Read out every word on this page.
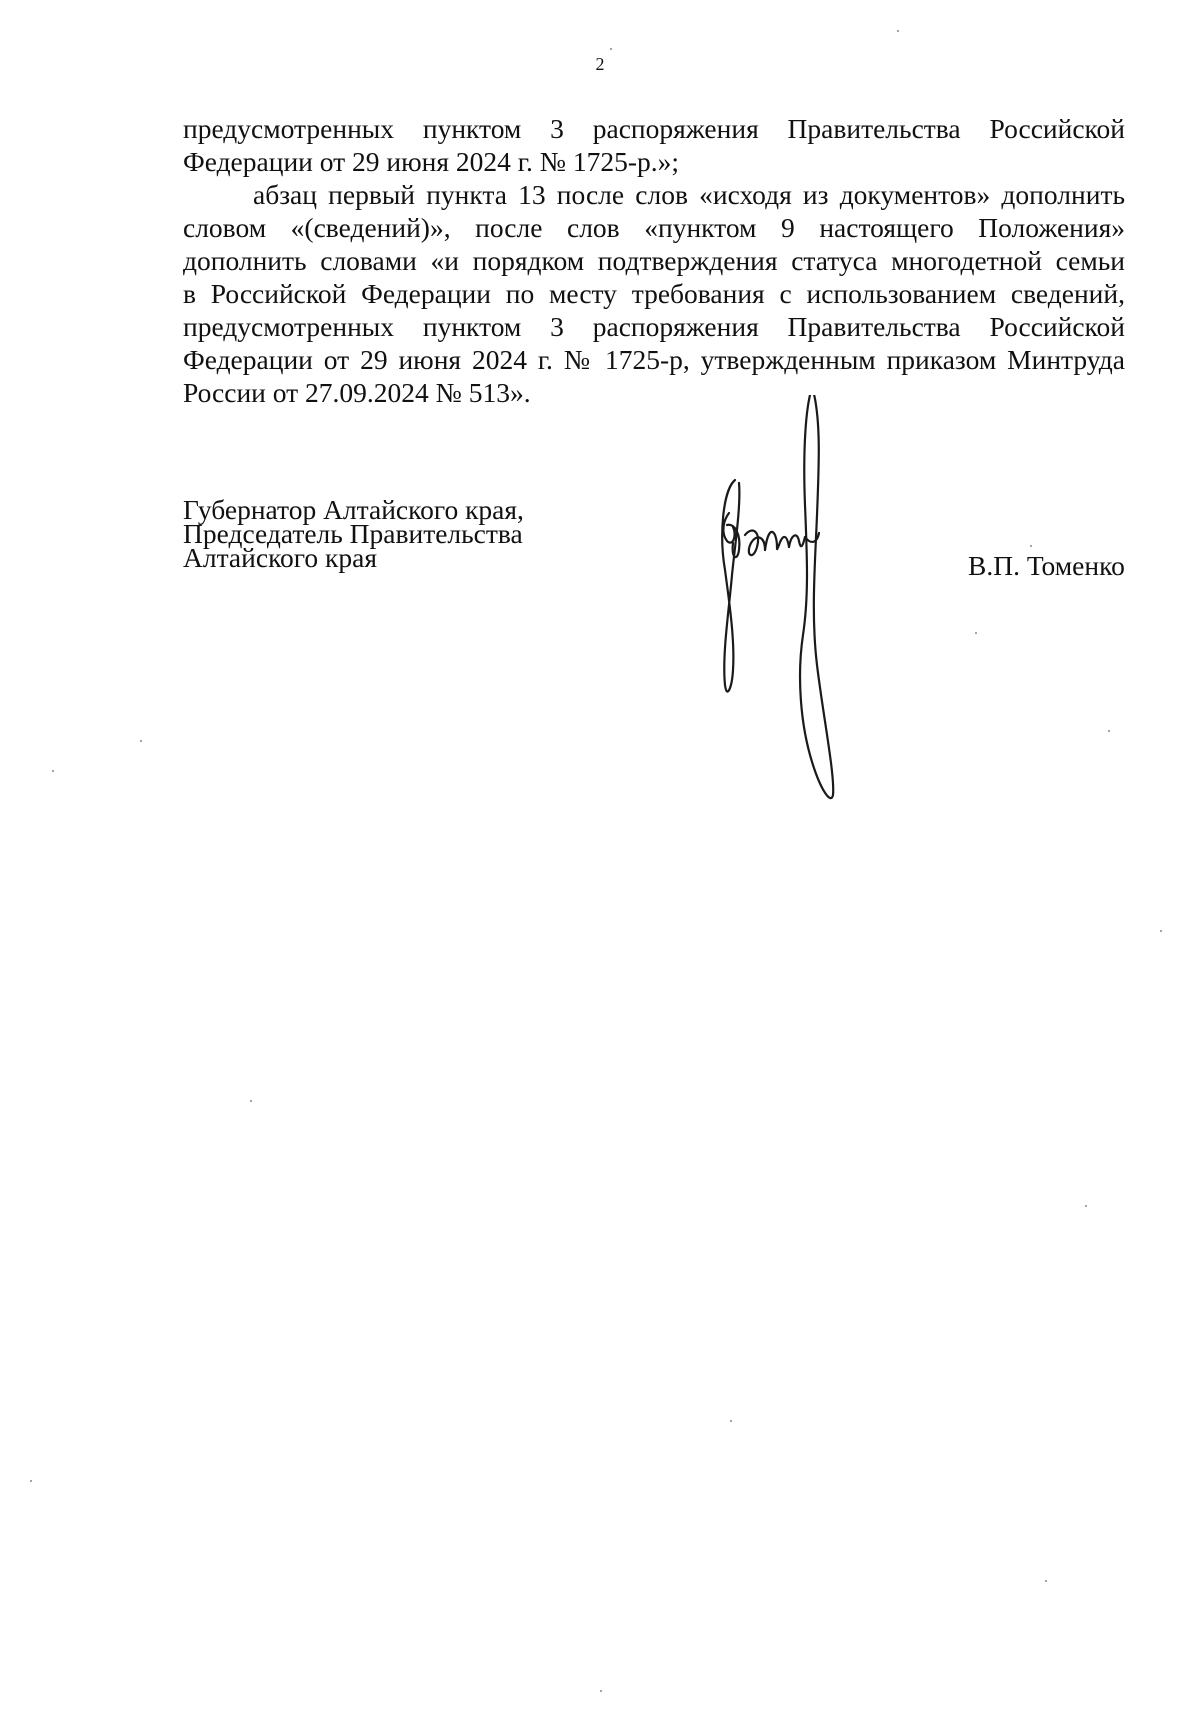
2
предусмотренных пунктом 3 распоряжения Правительства Российской
Федерации от 29 июня 2024 г. № 1725-р.»;
абзац первый пункта 13 после слов «исходя из документов» дополнить
словом «(сведений)», после слов «пунктом 9 настоящего Положения»
дополнить словами «и порядком подтверждения статуса многодетной семьи
в Российской Федерации по месту требования с использованием сведений,
предусмотренных пунктом 3 распоряжения Правительства Российской
Федерации от 29 июня 2024 г. № 1725-р, утвержденным приказом Минтруда
России от 27.09.2024 № 513».
Губернатор Алтайского края,
Председатель Правительства
Алтайского края	В.П. Томенко
